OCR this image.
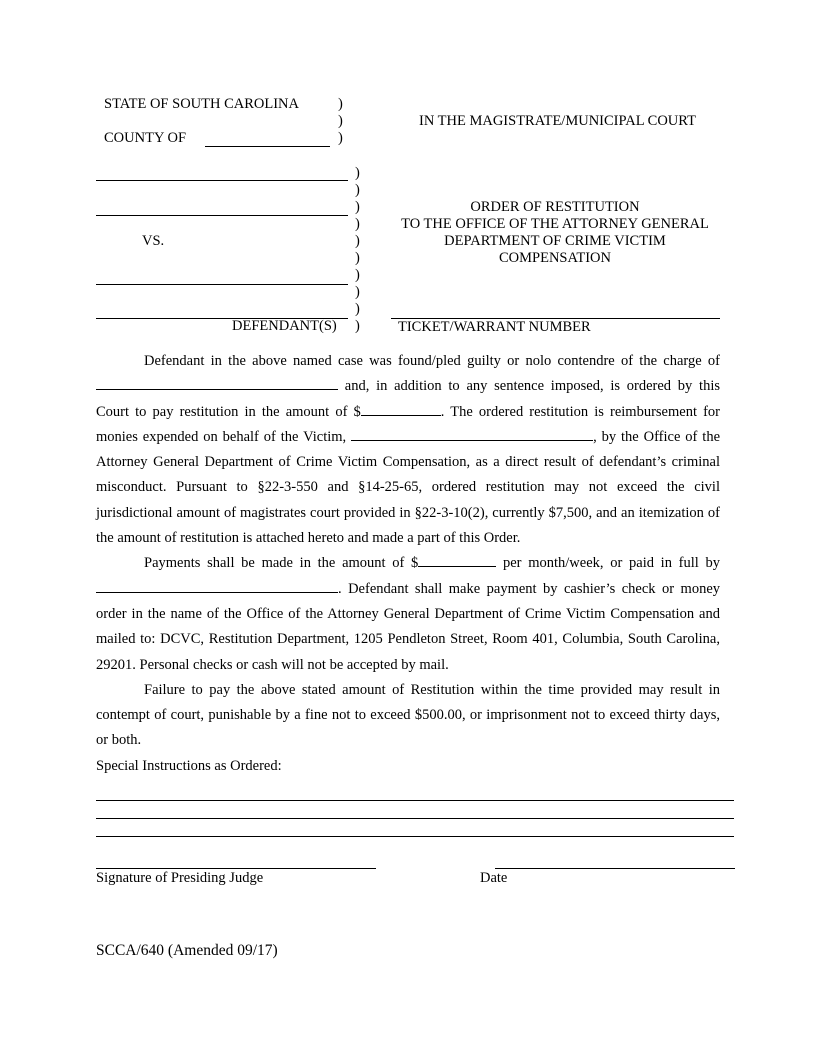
STATE OF SOUTH CAROLINA
COUNTY OF
)
)
)
IN THE MAGISTRATE/MUNICIPAL COURT
VS.
DEFENDANT(S)
)
)
)
)
)
)
)
)
)
)
ORDER OF RESTITUTION
TO THE OFFICE OF THE ATTORNEY GENERAL
DEPARTMENT OF CRIME VICTIM
COMPENSATION
TICKET/WARRANT NUMBER

Defendant in the above named case was found/pled guilty or nolo contendre of the charge of  and, in addition to any sentence imposed, is ordered by this Court to pay restitution in the amount of $	. The ordered restitution is reimbursement for monies expended on behalf of the Victim,	, by the Office of the Attorney General Department of Crime Victim Compensation, as a direct result of defendant’s criminal misconduct. Pursuant to §22-3-550 and §14-25-65, ordered restitution may not exceed the civil jurisdictional amount of magistrates court provided in §22-3-10(2), currently $7,500, and an itemization of the amount of restitution is attached hereto and made a part of this Order.

Payments shall be made in the amount of $	per month/week, or paid in full by . Defendant shall make payment by cashier’s check or money order in the name of the Office of the Attorney General Department of Crime Victim Compensation and mailed to: DCVC, Restitution Department, 1205 Pendleton Street, Room 401, Columbia, South Carolina, 29201. Personal checks or cash will not be accepted by mail.

Failure to pay the above stated amount of Restitution within the time provided may result in contempt of court, punishable by a fine not to exceed $500.00, or imprisonment not to exceed thirty days, or both.

Special Instructions as Ordered:

Signature of Presiding Judge	Date
SCCA/640 (Amended 09/17)
